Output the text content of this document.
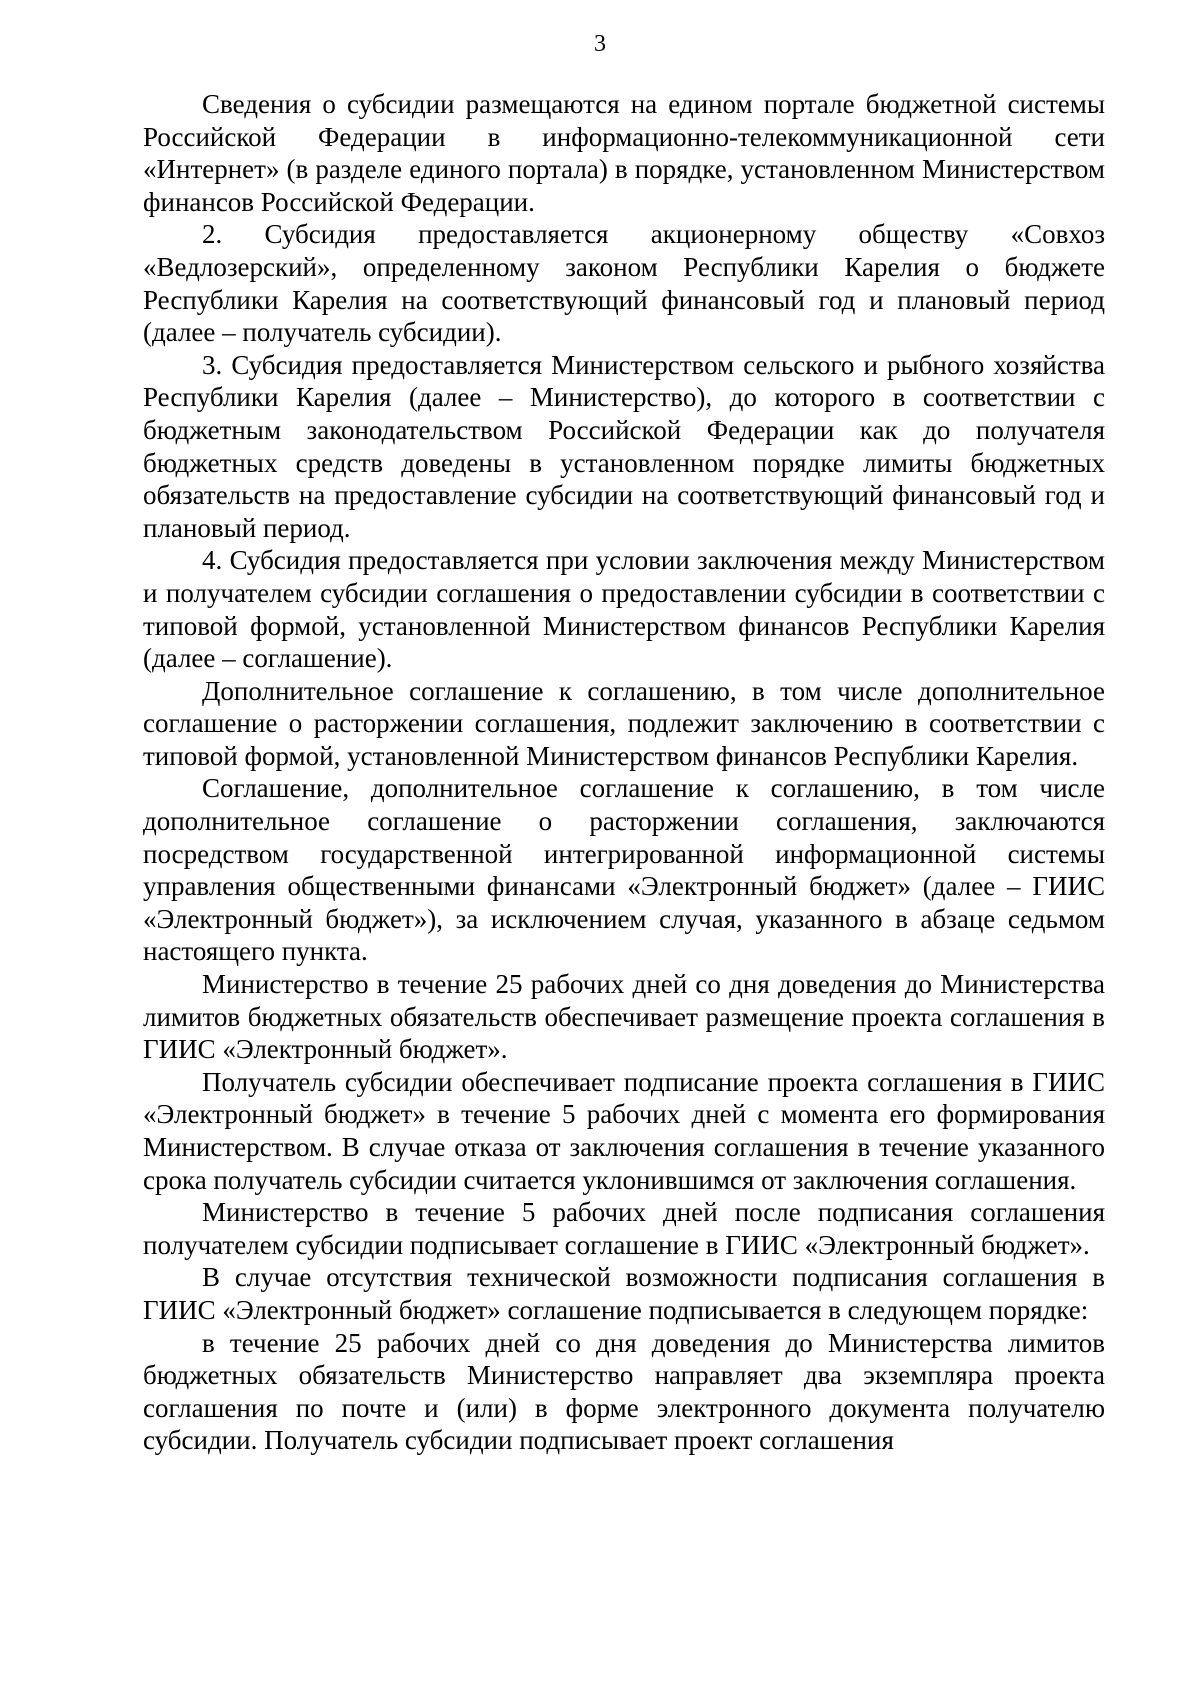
3

Сведения о субсидии размещаются на едином портале бюджетной системы Российской Федерации в информационно-телекоммуникационной сети «Интернет» (в разделе единого портала) в порядке, установленном Министерством финансов Российской Федерации.

2. Субсидия предоставляется акционерному обществу «Совхоз «Ведлозерский», определенному законом Республики Карелия о бюджете Республики Карелия на соответствующий финансовый год и плановый период (далее – получатель субсидии).

3. Субсидия предоставляется Министерством сельского и рыбного хозяйства Республики Карелия (далее – Министерство), до которого в соответствии с бюджетным законодательством Российской Федерации как до получателя бюджетных средств доведены в установленном порядке лимиты бюджетных обязательств на предоставление субсидии на соответствующий финансовый год и плановый период.

4. Субсидия предоставляется при условии заключения между Министерством и получателем субсидии соглашения о предоставлении субсидии в соответствии с типовой формой, установленной Министерством финансов Республики Карелия (далее – соглашение).

Дополнительное соглашение к соглашению, в том числе дополнительное соглашение о расторжении соглашения, подлежит заключению в соответствии с типовой формой, установленной Министерством финансов Республики Карелия.

Соглашение, дополнительное соглашение к соглашению, в том числе дополнительное соглашение о расторжении соглашения, заключаются посредством государственной интегрированной информационной системы управления общественными финансами «Электронный бюджет» (далее – ГИИС «Электронный бюджет»), за исключением случая, указанного в абзаце седьмом настоящего пункта.

Министерство в течение 25 рабочих дней со дня доведения до Министерства лимитов бюджетных обязательств обеспечивает размещение проекта соглашения в ГИИС «Электронный бюджет».

Получатель субсидии обеспечивает подписание проекта соглашения в ГИИС «Электронный бюджет» в течение 5 рабочих дней с момента его формирования Министерством. В случае отказа от заключения соглашения в течение указанного срока получатель субсидии считается уклонившимся от заключения соглашения.

Министерство в течение 5 рабочих дней после подписания соглашения получателем субсидии подписывает соглашение в ГИИС «Электронный бюджет».

В случае отсутствия технической возможности подписания соглашения в ГИИС «Электронный бюджет» соглашение подписывается в следующем порядке:

в течение 25 рабочих дней со дня доведения до Министерства лимитов бюджетных обязательств Министерство направляет два экземпляра проекта соглашения по почте и (или) в форме электронного документа получателю субсидии. Получатель субсидии подписывает проект соглашения
